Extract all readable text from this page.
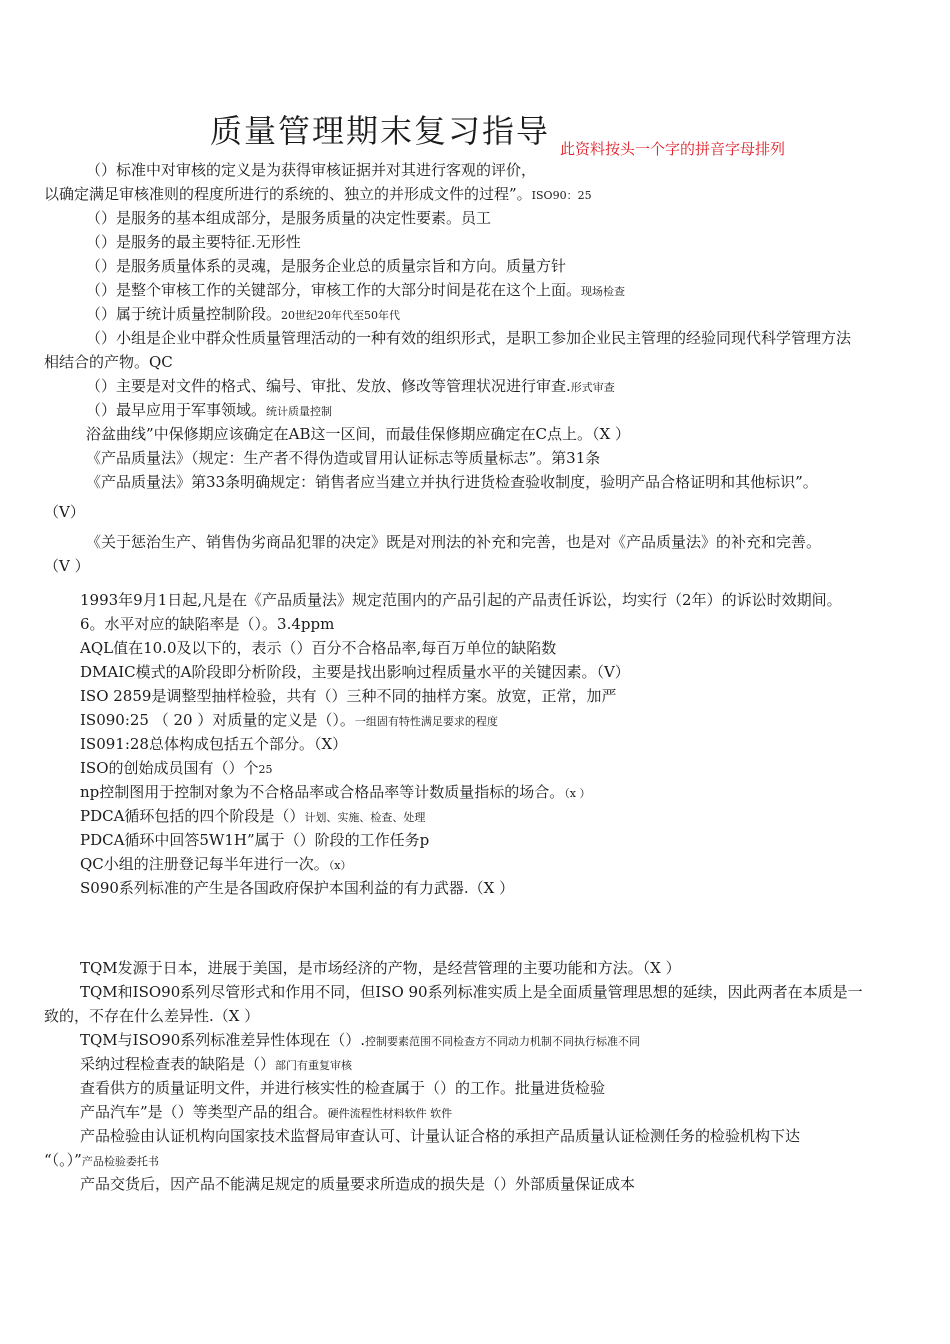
质量管理期末复习指导 此资料按头一个字的拼音字母排列
（）标准中对审核的定义是为获得审核证据并对其进行客观的评价，
以确定满足审核准则的程度所进行的系统的、独立的并形成文件的过程”。ISO90：25
（）是服务的基本组成部分，是服务质量的决定性要素。员工
（）是服务的最主要特征.无形性
（）是服务质量体系的灵魂，是服务企业总的质量宗旨和方向。质量方针
（）是整个审核工作的关键部分，审核工作的大部分时间是花在这个上面。现场检查
（）属于统计质量控制阶段。20世纪20年代至50年代
（）小组是企业中群众性质量管理活动的一种有效的组织形式，是职工参加企业民主管理的经验同现代科学管理方法
相结合的产物。QC
（）主要是对文件的格式、编号、审批、发放、修改等管理状况进行审查.形式审查
（）最早应用于军事领域。统计质量控制
浴盆曲线”中保修期应该确定在AB这一区间，而最佳保修期应确定在C点上。（X ）
《产品质量法》（规定：生产者不得伪造或冒用认证标志等质量标志”。第31条
《产品质量法》第33条明确规定：销售者应当建立并执行进货检查验收制度，验明产品合格证明和其他标识”。
（V）
《关于惩治生产、销售伪劣商品犯罪的决定》既是对刑法的补充和完善，也是对《产品质量法》的补充和完善。
（V ）
1993年9月1日起,凡是在《产品质量法》规定范围内的产品引起的产品责任诉讼，均实行（2年）的诉讼时效期间。
6。水平对应的缺陷率是（）。3.4ppm
AQL值在10.0及以下的，表示（）百分不合格品率,每百万单位的缺陷数
DMAIC模式的A阶段即分析阶段，主要是找出影响过程质量水平的关键因素。（V）
ISO 2859是调整型抽样检验，共有（）三种不同的抽样方案。放宽，正常，加严
IS090:25 （ 20 ）对质量的定义是（）。一组固有特性满足要求的程度
IS091:28总体构成包括五个部分。（X）
ISO的创始成员国有（）个25
np控制图用于控制对象为不合格品率或合格品率等计数质量指标的场合。（x ）
PDCA循环包括的四个阶段是（）计划、实施、检查、处理
PDCA循环中回答5W1H”属于（）阶段的工作任务p
QC小组的注册登记每半年进行一次。（x）
S090系列标准的产生是各国政府保护本国利益的有力武器.（X ）
TQM发源于日本，进展于美国，是市场经济的产物，是经营管理的主要功能和方法。（X ）
TQM和ISO90系列尽管形式和作用不同，但ISO 90系列标准实质上是全面质量管理思想的延续，因此两者在本质是一
致的，不存在什么差异性.（X ）
TQM与ISO90系列标准差异性体现在（）.控制要素范围不同检查方不同动力机制不同执行标准不同
采纳过程检查表的缺陷是（）部门有重复审核
查看供方的质量证明文件，并进行核实性的检查属于（）的工作。批量进货检验
产品汽车”是（）等类型产品的组合。硬件流程性材料软件 软件
产品检验由认证机构向国家技术监督局审查认可、计量认证合格的承担产品质量认证检测任务的检验机构下达
“（。）”产品检验委托书
产品交货后，因产品不能满足规定的质量要求所造成的损失是（）外部质量保证成本
